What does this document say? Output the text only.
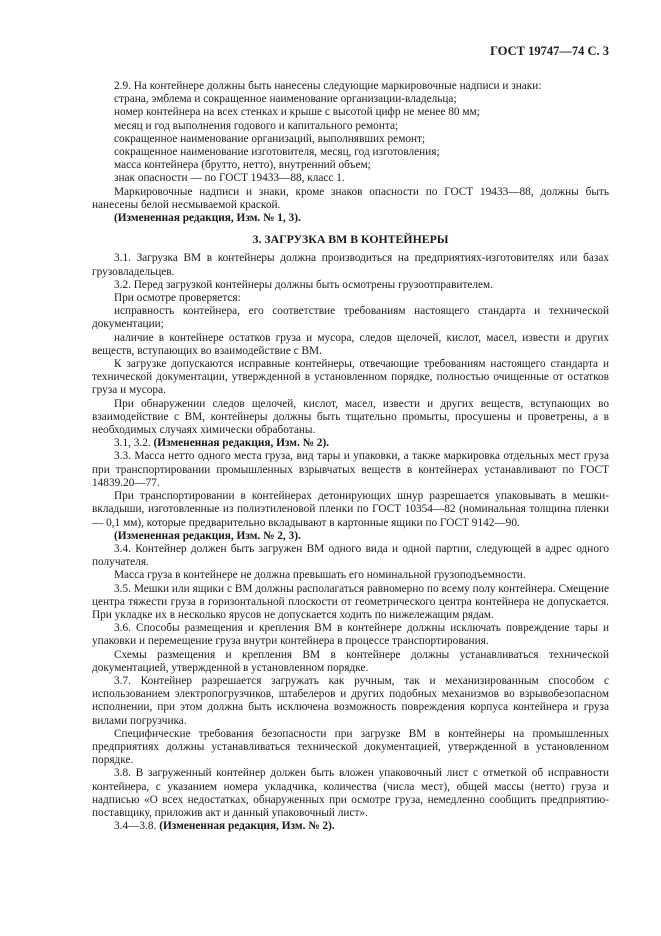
ГОСТ 19747—74 С. 3

2.9. На контейнере должны быть нанесены следующие маркировочные надписи и знаки:

страна, эмблема и сокращенное наименование организации-владельца;

номер контейнера на всех стенках и крыше с высотой цифр не менее 80 мм;

месяц и год выполнения годового и капитального ремонта;

сокращенное наименование организаций, выполнявших ремонт;

сокращенное наименование изготовителя, месяц, год изготовления;

масса контейнера (брутто, нетто), внутренний объем;

знак опасности — по ГОСТ 19433—88, класс 1.

Маркировочные надписи и знаки, кроме знаков опасности по ГОСТ 19433—88, должны быть нанесены белой несмываемой краской.

(Измененная редакция, Изм. № 1, 3).

3. ЗАГРУЗКА ВМ В КОНТЕЙНЕРЫ

3.1. Загрузка ВМ в контейнеры должна производиться на предприятиях-изготовителях или базах грузовладельцев.

3.2. Перед загрузкой контейнеры должны быть осмотрены грузоотправителем.

При осмотре проверяется:

исправность контейнера, его соответствие требованиям настоящего стандарта и технической документации;

наличие в контейнере остатков груза и мусора, следов щелочей, кислот, масел, извести и других веществ, вступающих во взаимодействие с ВМ.

К загрузке допускаются исправные контейнеры, отвечающие требованиям настоящего стандарта и технической документации, утвержденной в установленном порядке, полностью очищенные от остатков груза и мусора.

При обнаружении следов щелочей, кислот, масел, извести и других веществ, вступающих во взаимодействие с ВМ, контейнеры должны быть тщательно промыты, просушены и проветрены, а в необходимых случаях химически обработаны.

3.1, 3.2. (Измененная редакция, Изм. № 2).

3.3. Масса нетто одного места груза, вид тары и упаковки, а также маркировка отдельных мест груза при транспортировании промышленных взрывчатых веществ в контейнерах устанавливают по ГОСТ 14839.20—77.

При транспортировании в контейнерах детонирующих шнур разрешается упаковывать в мешки-вкладыши, изготовленные из полиэтиленовой пленки по ГОСТ 10354—82 (номинальная толщина пленки — 0,1 мм), которые предварительно вкладывают в картонные ящики по ГОСТ 9142—90.

(Измененная редакция, Изм. № 2, 3).

3.4. Контейнер должен быть загружен ВМ одного вида и одной партии, следующей в адрес одного получателя.

Масса груза в контейнере не должна превышать его номинальной грузоподъемности.

3.5. Мешки или ящики с ВМ должны располагаться равномерно по всему полу контейнера. Смещение центра тяжести груза в горизонтальной плоскости от геометрического центра контейнера не допускается. При укладке их в несколько ярусов не допускается ходить по нижележащим рядам.

3.6. Способы размещения и крепления ВМ в контейнере должны исключать повреждение тары и упаковки и перемещение груза внутри контейнера в процессе транспортирования.

Схемы размещения и крепления ВМ в контейнере должны устанавливаться технической документацией, утвержденной в установленном порядке.

3.7. Контейнер разрешается загружать как ручным, так и механизированным способом с использованием электропогрузчиков, штабелеров и других подобных механизмов во взрывобезопасном исполнении, при этом должна быть исключена возможность повреждения корпуса контейнера и груза вилами погрузчика.

Специфические требования безопасности при загрузке ВМ в контейнеры на промышленных предприятиях должны устанавливаться технической документацией, утвержденной в установленном порядке.

3.8. В загруженный контейнер должен быть вложен упаковочный лист с отметкой об исправности контейнера, с указанием номера укладчика, количества (числа мест), общей массы (нетто) груза и надписью «О всех недостатках, обнаруженных при осмотре груза, немедленно сообщить предприятию-поставщику, приложив акт и данный упаковочный лист».

3.4—3.8. (Измененная редакция, Изм. № 2).
